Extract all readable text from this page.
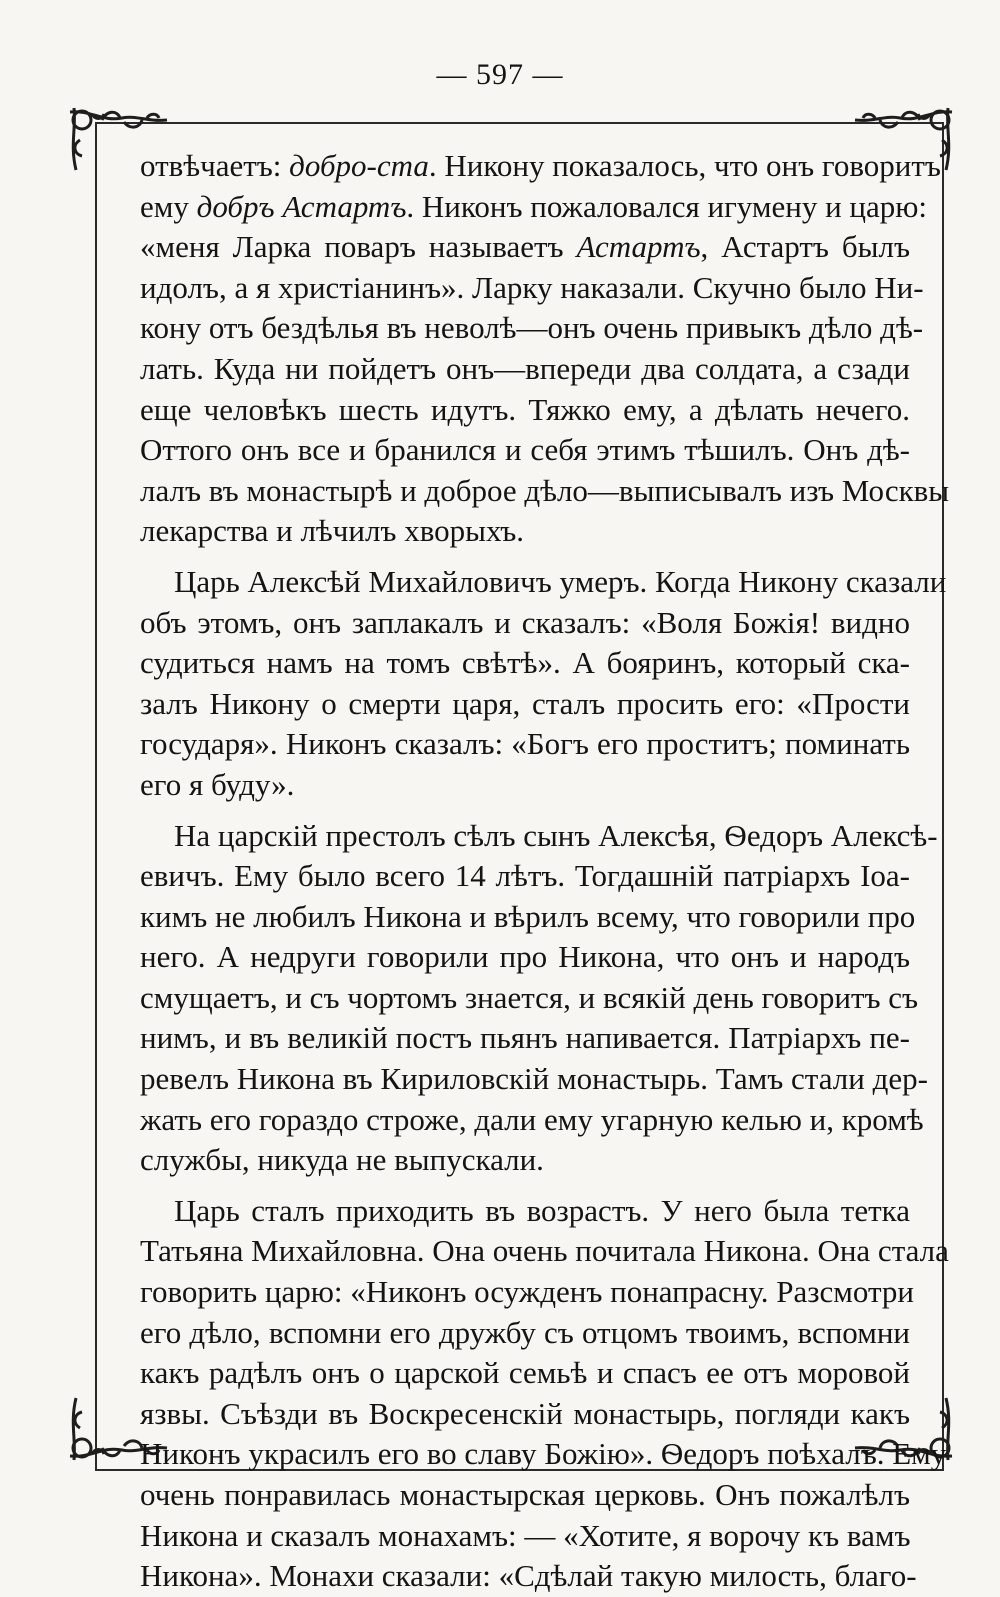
— 597 —
отвѣчаетъ: добро-ста. Никону показалось, что онъ говоритъ
ему добръ Астартъ. Никонъ пожаловался игумену и царю:
«меня Ларка поваръ называетъ Астартъ, Астартъ былъ
идолъ, а я христіанинъ». Ларку наказали. Скучно было Ни-
кону отъ бездѣлья въ неволѣ—онъ очень привыкъ дѣло дѣ-
лать. Куда ни пойдетъ онъ—впереди два солдата, а сзади
еще человѣкъ шесть идутъ. Тяжко ему, а дѣлать нечего.
Оттого онъ все и бранился и себя этимъ тѣшилъ. Онъ дѣ-
лалъ въ монастырѣ и доброе дѣло—выписывалъ изъ Москвы
лекарства и лѣчилъ хворыхъ.
Царь Алексѣй Михайловичъ умеръ. Когда Никону сказали
объ этомъ, онъ заплакалъ и сказалъ: «Воля Божія! видно
судиться намъ на томъ свѣтѣ». А бояринъ, который ска-
залъ Никону о смерти царя, сталъ просить его: «Прости
государя». Никонъ сказалъ: «Богъ его проститъ; поминать
его я буду».
На царскій престолъ сѣлъ сынъ Алексѣя, Ѳедоръ Алексѣ-
евичъ. Ему было всего 14 лѣтъ. Тогдашній патріархъ Іоа-
кимъ не любилъ Никона и вѣрилъ всему, что говорили про
него. А недруги говорили про Никона, что онъ и народъ
смущаетъ, и съ чортомъ знается, и всякій день говоритъ съ
нимъ, и въ великій постъ пьянъ напивается. Патріархъ пе-
ревелъ Никона въ Кириловскій монастырь. Тамъ стали дер-
жать его гораздо строже, дали ему угарную келью и, кромѣ
службы, никуда не выпускали.
Царь сталъ приходить въ возрастъ. У него была тетка
Татьяна Михайловна. Она очень почитала Никона. Она стала
говорить царю: «Никонъ осужденъ понапрасну. Разсмотри
его дѣло, вспомни его дружбу съ отцомъ твоимъ, вспомни
какъ радѣлъ онъ о царской семьѣ и спасъ ее отъ моровой
язвы. Съѣзди въ Воскресенскій монастырь, погляди какъ
Никонъ украсилъ его во славу Божію». Ѳедоръ поѣхалъ. Ему
очень понравилась монастырская церковь. Онъ пожалѣлъ
Никона и сказалъ монахамъ: — «Хотите, я ворочу къ вамъ
Никона». Монахи сказали: «Сдѣлай такую милость, благо-
